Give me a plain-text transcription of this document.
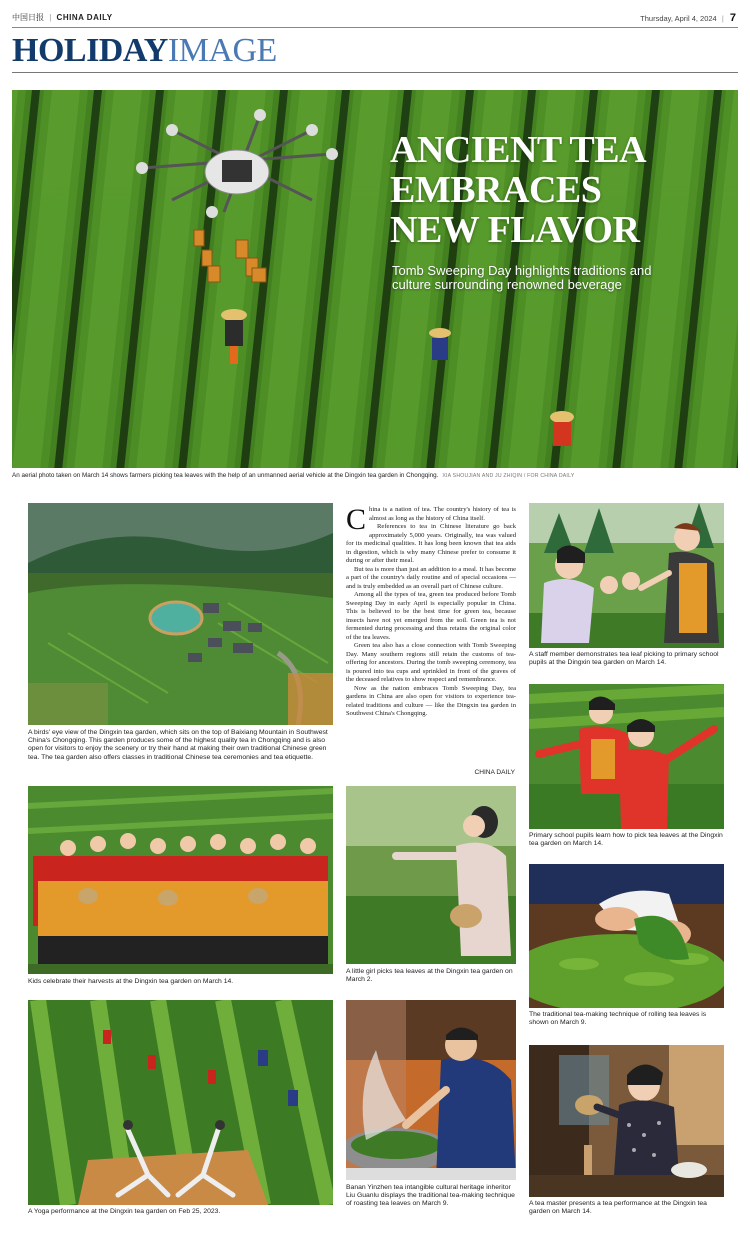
中国日报 | CHINA DAILY	Thursday, April 4, 2024 | 7
HOLIDAYIMAGE
ANCIENT TEA
EMBRACES
NEW FLAVOR
Tomb Sweeping Day highlights traditions and culture surrounding renowned beverage
An aerial photo taken on March 14 shows farmers picking tea leaves with the help of an unmanned aerial vehicle at the Dingxin tea garden in Chongqing. XIA SHOUJIAN AND JU ZHIQIN / FOR CHINA DAILY
A birds' eye view of the Dingxin tea garden, which sits on the top of Baixiang Mountain in Southwest China's Chongqing. This garden produces some of the highest quality tea in Chongqing and is also open for visitors to enjoy the scenery or try their hand at making their own traditional Chinese green tea. The tea garden also offers classes in traditional Chinese tea ceremonies and tea etiquette.
Kids celebrate their harvests at the Dingxin tea garden on March 14.
A Yoga performance at the Dingxin tea garden on Feb 25, 2023.

China is a nation of tea. The country's history of tea is almost as long as the history of China itself.

References to tea in Chinese literature go back approximately 5,000 years. Originally, tea was valued for its medicinal qualities. It has long been known that tea aids in digestion, which is why many Chinese prefer to consume it during or after their meal.

But tea is more than just an addition to a meal. It has become a part of the country's daily routine and of special occasions — and is truly embedded as an overall part of Chinese culture.

Among all the types of tea, green tea produced before Tomb Sweeping Day in early April is especially popular in China. This is believed to be the best time for green tea, because insects have not yet emerged from the soil. Green tea is not fermented during processing and thus retains the original color of the tea leaves.

Green tea also has a close connection with Tomb Sweeping Day. Many southern regions still retain the customs of tea-offering for ancestors. During the tomb sweeping ceremony, tea is poured into tea cups and sprinkled in front of the graves of the deceased relatives to show respect and remembrance.

Now as the nation embraces Tomb Sweeping Day, tea gardens in China are also open for visitors to experience tea-related traditions and culture — like the Dingxin tea garden in Southwest China's Chongqing.

CHINA DAILY
A little girl picks tea leaves at the Dingxin tea garden on March 2.
Banan Yinzhen tea intangible cultural heritage inheritor Liu Guanlu displays the traditional tea-making technique of roasting tea leaves on March 9.
A staff member demonstrates tea leaf picking to primary school pupils at the Dingxin tea garden on March 14.
Primary school pupils learn how to pick tea leaves at the Dingxin tea garden on March 14.
The traditional tea-making technique of rolling tea leaves is shown on March 9.
A tea master presents a tea performance at the Dingxin tea garden on March 14.
